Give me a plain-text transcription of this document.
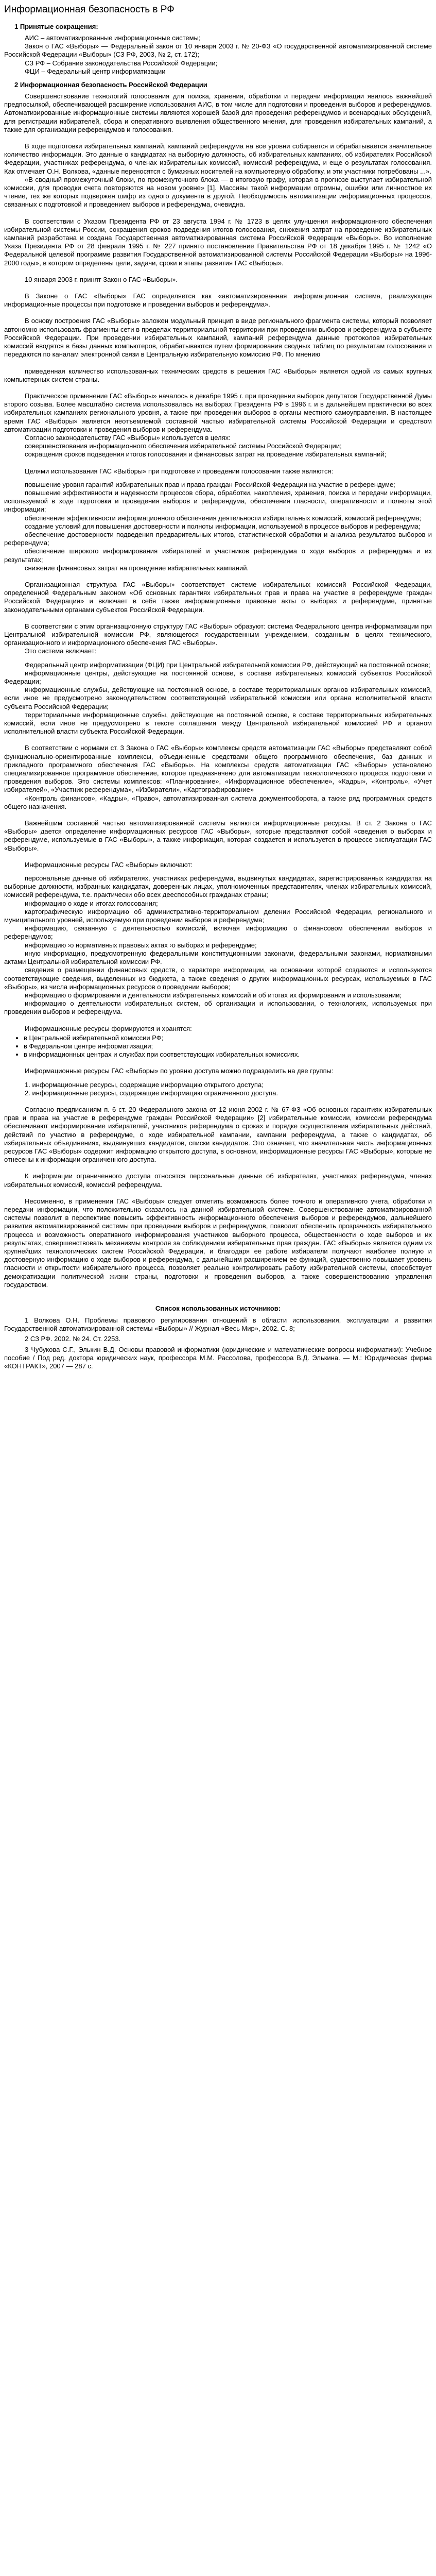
Информационная безопасность в РФ
1 Принятые сокращения:

АИС – автоматизированные информационные системы;

Закон о ГАС «Выборы» — Федеральный закон от 10 января 2003 г. № 20-ФЗ «О государственной автоматизированной системе Российской Федерации «Выборы» (СЗ РФ, 2003, № 2, ст. 172);

СЗ РФ – Собрание законодательства Российской Федерации;

ФЦИ – Федеральный центр информатизации

2 Информационная безопасность Российской Федерации

Совершенствование технологий голосования для поиска, хранения, обработки и передачи информации явилось важнейшей предпосылкой, обеспечивающей расширение использования АИС, в том числе для подготовки и проведения выборов и референдумов. Автоматизированные информационные системы являются хорошей базой для проведения референдумов и всенародных обсуждений, для регистрации избирателей, сбора и оперативного выявления общественного мнения, для проведения избирательных кампаний, а также для организации референдумов и голосования.

В ходе подготовки избирательных кампаний, кампаний референдума на все уровни собирается и обрабатывается значительное количество информации. Это данные о кандидатах на выборную должность, об избирательных кампаниях, об избирателях Российской Федерации, участниках референдума, о членах избирательных комиссий, комиссий референдума, и еще о результатах голосования. Как отмечает О.Н. Волкова, «данные переносятся с бумажных носителей на компьютерную обработку, и эти участники потребованы ...».

«В сводный промежуточный блоки, по промежуточного блока — в итоговую графу, которая в прогнозе выступает избирательной комиссии, для проводки счета повторяются на новом уровне» [1]. Массивы такой информации огромны, ошибки или личностное их чтение, тех же которых подвержен шифр из одного документа в другой. Необходимость автоматизации информационных процессов, связанных с подготовкой и проведением выборов и референдума, очевидна.

В соответствии с Указом Президента РФ от 23 августа 1994 г. № 1723 в целях улучшения информационного обеспечения избирательной системы России, сокращения сроков подведения итогов голосования, снижения затрат на проведение избирательных кампаний разработана и создана Государственная автоматизированная система Российской Федерации «Выборы». Во исполнение Указа Президента РФ от 28 февраля 1995 г. № 227 принято постановление Правительства РФ от 18 декабря 1995 г. № 1242 «О Федеральной целевой программе развития Государственной автоматизированной системы Российской Федерации «Выборы» на 1996-2000 годы», в котором определены цели, задачи, сроки и этапы развития ГАС «Выборы».

10 января 2003 г. принят Закон о ГАС «Выборы».

В Законе о ГАС «Выборы» ГАС определяется как «автоматизированная информационная система, реализующая информационные процессы при подготовке и проведении выборов и референдума».

В основу построения ГАС «Выборы» заложен модульный принцип в виде регионального фрагмента системы, который позволяет автономно использовать фрагменты сети в пределах территориальной территории при проведении выборов и референдума в субъекте Российской Федерации. При проведении избирательных кампаний, кампаний референдума данные протоколов избирательных комиссий вводятся в базы данных компьютеров, обрабатываются путем формирования сводных таблиц по результатам голосования и передаются по каналам электронной связи в Центральную избирательную комиссию РФ. По мнению

приведенная количество использованных технических средств в решения ГАС «Выборы» является одной из самых крупных компьютерных систем страны.

Практическое применение ГАС «Выборы» началось в декабре 1995 г. при проведении выборов депутатов Государственной Думы второго созыва. Более масштабно система использовалась на выборах Президента РФ в 1996 г. и в дальнейшем практически во всех избирательных кампаниях регионального уровня, а также при проведении выборов в органы местного самоуправления. В настоящее время ГАС «Выборы» является неотъемлемой составной частью избирательной системы Российской Федерации и средством автоматизации подготовки и проведения выборов и референдума.

Согласно законодательству ГАС «Выборы» используется в целях:

совершенствования информационного обеспечения избирательной системы Российской Федерации;

сокращения сроков подведения итогов голосования и финансовых затрат на проведение избирательных кампаний;

Целями использования ГАС «Выборы» при подготовке и проведении голосования также являются:

повышение уровня гарантий избирательных прав и права граждан Российской Федерации на участие в референдуме;

повышение эффективности и надежности процессов сбора, обработки, накопления, хранения, поиска и передачи информации, используемой в ходе подготовки и проведения выборов и референдума, обеспечения гласности, оперативности и полноты этой информации;

обеспечение эффективности информационного обеспечения деятельности избирательных комиссий, комиссий референдума;

создание условий для повышения достоверности и полноты информации, используемой в процессе выборов и референдума;

обеспечение достоверности подведения предварительных итогов, статистической обработки и анализа результатов выборов и референдума;

обеспечение широкого информирования избирателей и участников референдума о ходе выборов и референдума и их результатах;

снижение финансовых затрат на проведение избирательных кампаний.

Организационная структура ГАС «Выборы» соответствует системе избирательных комиссий Российской Федерации, определенной Федеральным законом «Об основных гарантиях избирательных прав и права на участие в референдуме граждан Российской Федерации» и включает в себя также информационные правовые акты о выборах и референдуме, принятые законодательными органами субъектов Российской Федерации.

В соответствии с этим организационную структуру ГАС «Выборы» образуют: система Федерального центра информатизации при Центральной избирательной комиссии РФ, являющегося государственным учреждением, созданным в целях технического, организационного и информационного обеспечения ГАС «Выборы».

Это система включает:

Федеральный центр информатизации (ФЦИ) при Центральной избирательной комиссии РФ, действующий на постоянной основе;

информационные центры, действующие на постоянной основе, в составе избирательных комиссий субъектов Российской Федерации;

информационные службы, действующие на постоянной основе, в составе территориальных органов избирательных комиссий, если иное не предусмотрено законодательством соответствующей избирательной комиссии или органа исполнительной власти субъекта Российской Федерации;

территориальные информационные службы, действующие на постоянной основе, в составе территориальных избирательных комиссий, если иное не предусмотрено в тексте соглашения между Центральной избирательной комиссией РФ и органом исполнительной власти субъекта Российской Федерации.

В соответствии с нормами ст. 3 Закона о ГАС «Выборы» комплексы средств автоматизации ГАС «Выборы» представляют собой функционально-ориентированные комплексы, объединенные средствами общего программного обеспечения, баз данных и прикладного программного обеспечения ГАС «Выборы». На комплексы средств автоматизации ГАС «Выборы» установлено специализированное программное обеспечение, которое предназначено для автоматизации технологического процесса подготовки и проведения выборов. Это системы комплексов: «Планирование», «Информационное обеспечение», «Кадры», «Контроль», «Учет избирателей», «Участник референдума», «Избиратели», «Картографирование»

«Контроль финансов», «Кадры», «Право», автоматизированная система документооборота, а также ряд программных средств общего назначения.

Важнейшим составной частью автоматизированной системы являются информационные ресурсы. В ст. 2 Закона о ГАС «Выборы» дается определение информационных ресурсов ГАС «Выборы», которые представляют собой «сведения о выборах и референдуме, используемые в ГАС «Выборы», а также информация, которая создается и используется в процессе эксплуатации ГАС «Выборы».

Информационные ресурсы ГАС «Выборы» включают:

персональные данные об избирателях, участниках референдума, выдвинутых кандидатах, зарегистрированных кандидатах на выборные должности, избранных кандидатах, доверенных лицах, уполномоченных представителях, членах избирательных комиссий, комиссий референдума, т.е. практически обо всех дееспособных гражданах страны;

информацию о ходе и итогах голосования;

картографическую информацию об административно-территориальном делении Российской Федерации, регионального и муниципального уровней, используемую при проведении выборов и референдума;

информацию, связанную с деятельностью комиссий, включая информацию о финансовом обеспечении выборов и референдумов;

информацию ›о нормативных правовых актах ›о выборах и референдуме;

иную информацию, предусмотренную федеральными конституционными законами, федеральными законами, нормативными актами Центральной избирательной комиссии РФ.

сведения о размещении финансовых средств, о характере информации, на основании которой создаются и используются соответствующие сведения, выделенных из бюджета, а также сведения о других информационных ресурсах, используемых в ГАС «Выборы», из числа информационных ресурсов о проведении выборов;

информацию о формировании и деятельности избирательных комиссий и об итогах их формирования и использовании;

информацию о деятельности избирательных систем, об организации и использовании, о технологиях, используемых при проведении выборов и референдума.

Информационные ресурсы формируются и хранятся:

• в Центральной избирательной комиссии РФ;
• в Федеральном центре информатизации;
• в информационных центрах и службах при соответствующих избирательных комиссиях.

Информационные ресурсы ГАС «Выборы» по уровню доступа можно подразделить на две группы:

1. информационные ресурсы, содержащие информацию открытого доступа;

2. информационные ресурсы, содержащие информацию ограниченного доступа.

Согласно предписаниям п. 6 ст. 20 Федерального закона от 12 июня 2002 г. № 67-ФЗ «Об основных гарантиях избирательных прав и права на участие в референдуме граждан Российской Федерации» [2] избирательные комиссии, комиссии референдума обеспечивают информирование избирателей, участников референдума о сроках и порядке осуществления избирательных действий, действий по участию в референдуме, о ходе избирательной кампании, кампании референдума, а также о кандидатах, об избирательных объединениях, выдвинувших кандидатов, списки кандидатов. Это означает, что значительная часть информационных ресурсов ГАС «Выборы» содержит информацию открытого доступа, в основном, информационные ресурсы ГАС «Выборы», которые не отнесены к информации ограниченного доступа.

К информации ограниченного доступа относятся персональные данные об избирателях, участниках референдума, членах избирательных комиссий, комиссий референдума.

Несомненно, в применении ГАС «Выборы» следует отметить возможность более точного и оперативного учета, обработки и передачи информации, что положительно сказалось на данной избирательной системе. Совершенствование автоматизированной системы позволит в перспективе повысить эффективность информационного обеспечения выборов и референдумов, дальнейшего развития автоматизированной системы при проведении выборов и референдумов, позволит обеспечить прозрачность избирательного процесса и возможность оперативного информирования участников выборного процесса, общественности о ходе выборов и их результатах, совершенствовать механизмы контроля за соблюдением избирательных прав граждан. ГАС «Выборы» является одним из крупнейших технологических систем Российской Федерации, и благодаря ее работе избиратели получают наиболее полную и достоверную информацию о ходе выборов и референдума, с дальнейшим расширением ее функций, существенно повышает уровень гласности и открытости избирательного процесса, позволяет реально контролировать работу избирательной системы, способствует демократизации политической жизни страны, подготовки и проведения выборов, а также совершенствованию управления государством.

Список использованных источников:

1 Волкова О.Н. Проблемы правового регулирования отношений в области использования, эксплуатации и развития Государственной автоматизированной системы «Выборы» // Журнал «Весь Мир», 2002. С. 8;

2 СЗ РФ. 2002. № 24. Ст. 2253.

3 Чубукова С.Г., Элькин В.Д. Основы правовой информатики (юридические и математические вопросы информатики): Учебное пособие / Под ред. доктора юридических наук, профессора М.М. Рассолова, профессора В.Д. Элькина. — М.: Юридическая фирма «КОНТРАКТ», 2007 — 287 с.
